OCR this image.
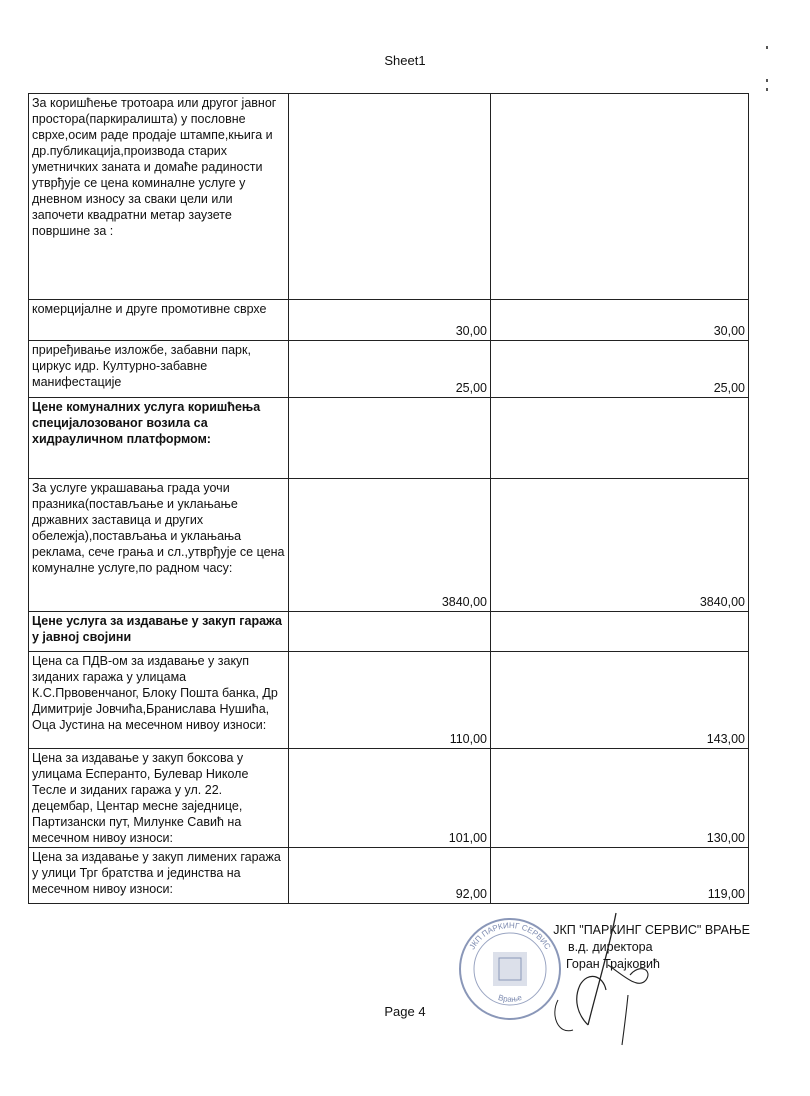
Sheet1
За коришћење тротоара или другог јавног простора(паркиралишта) у пословне сврхе,осим раде продаје штампе,књига и др.публикација,производа старих уметничких заната и домаће радиности утврђује се цена коминалне услуге у дневном износу за сваки цели или започети квадратни метар заузете површине за :		
комерцијалне и друге промотивне сврхе	30,00	30,00
приређивање изложбе, забавни парк, циркус идр. Културно-забавне манифестације	25,00	25,00
Цене комуналних услуга коришћења специјалозованог возила са хидрауличном платформом:		
За услуге украшавања града уочи празника(постављање и уклањање државних заставица и других обележја),постављања и уклањања реклама, сече грања и сл.,утврђује се цена комуналне услуге,по радном часу:	3840,00	3840,00
Цене услуга за издавање у закуп гаража у јавној својини		
Цена са ПДВ-ом за издавање у закуп зиданих гаража у улицама К.С.Првовенчаног, Блоку Пошта банка, Др Димитрије Јовчића,Бранислава Нушића, Оца Јустина на месечном нивоу износи:	110,00	143,00
Цена за издавање у закуп боксова у улицама Есперанто, Булевар Николе Тесле и зиданих гаража у ул. 22. децембар, Центар месне заједнице, Партизански пут, Милунке Савић на месечном нивоу износи:	101,00	130,00
Цена за издавање у закуп лимених гаража у улици Трг братства и јединства на месечном нивоу износи:	92,00	119,00
ЈКП ПАРКИНГ СЕРВИС
Врање
ЈКП "ПАРКИНГ СЕРВИС" ВРАЊЕ
в.д. директора
Горан Трајковић
Page 4
